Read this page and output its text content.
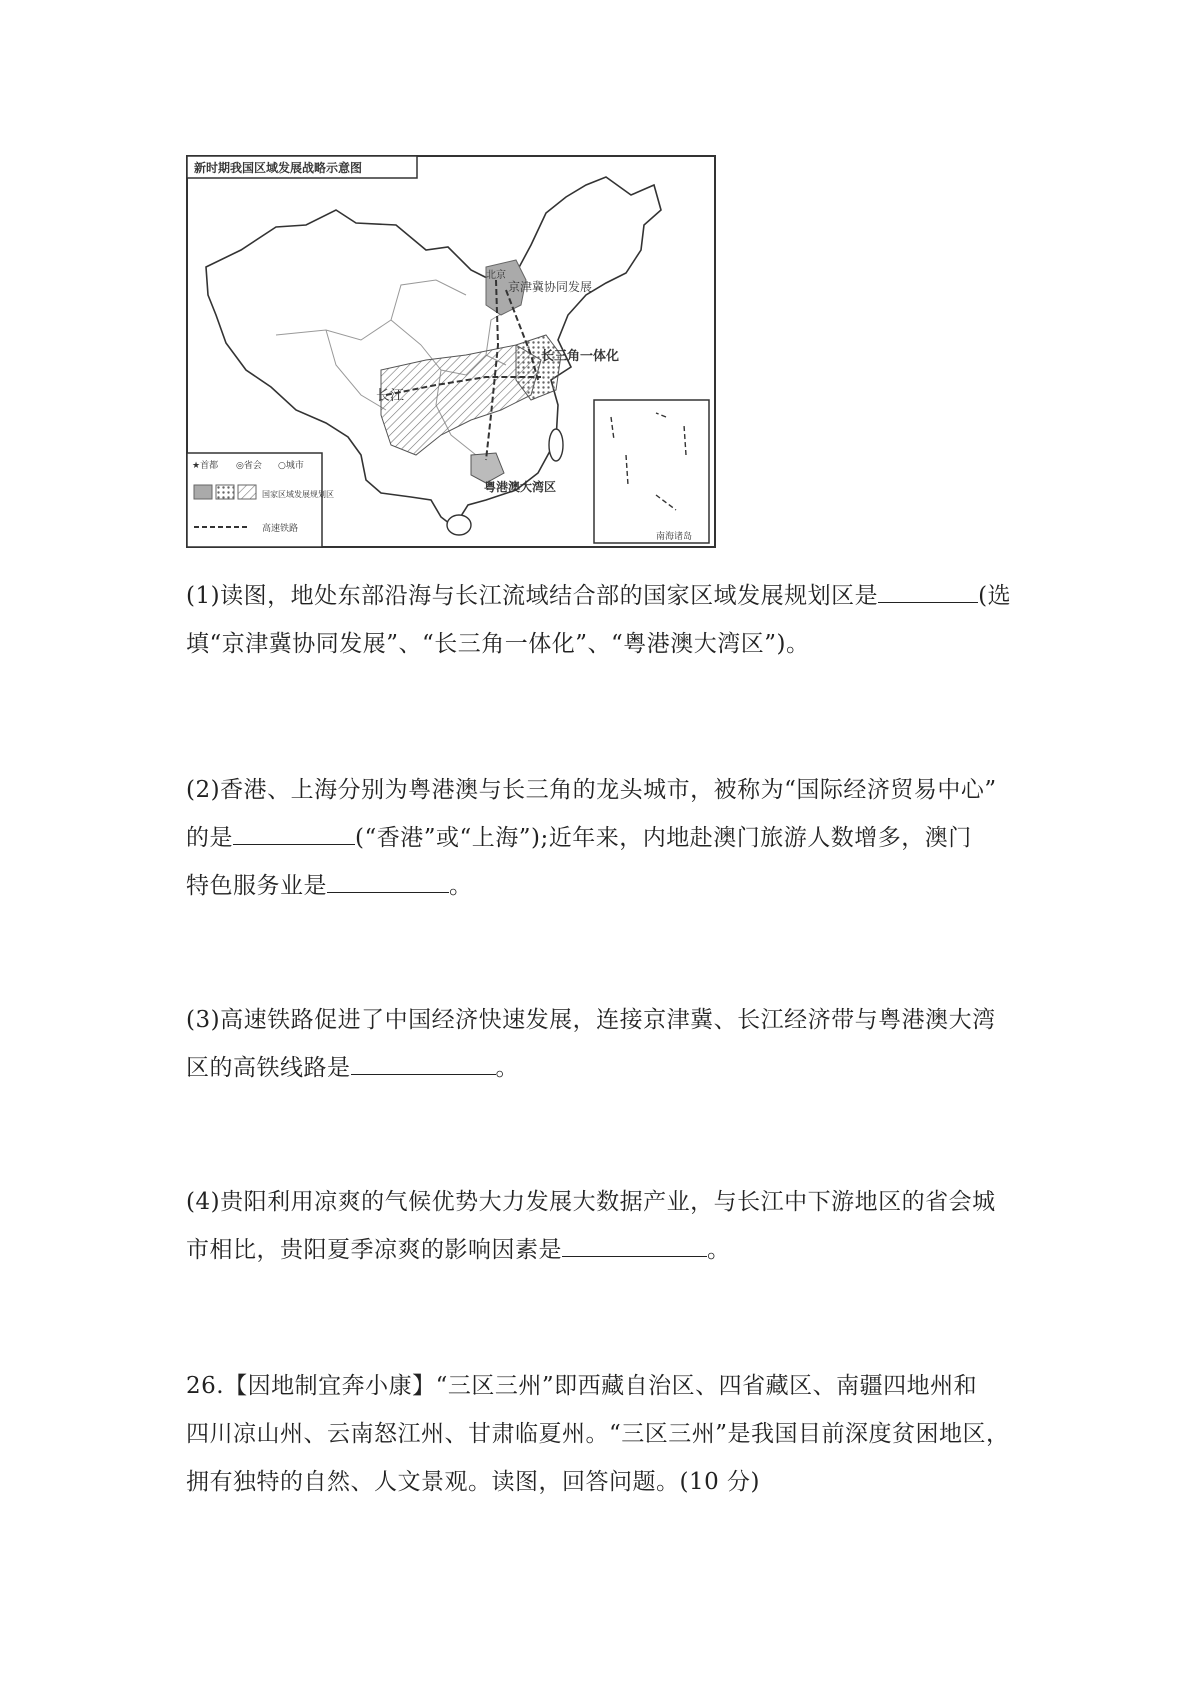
新时期我国区域发展战略示意图
北京
京津冀协同发展
长三角一体化
长江
粤港澳大湾区
南海诸岛
★首都 ◎省会 ○城市
国家区域发展规划区
高速铁路

(1)读图，地处东部沿海与长江流域结合部的国家区域发展规划区是	(选填“京津冀协同发展”、“长三角一体化”、“粤港澳大湾区”)。

(2)香港、上海分别为粤港澳与长三角的龙头城市，被称为“国际经济贸易中心”
的是	(“香港”或“上海”);近年来，内地赴澳门旅游人数增多，澳门
特色服务业是	。

(3)高速铁路促进了中国经济快速发展，连接京津冀、长江经济带与粤港澳大湾
区的高铁线路是	。

(4)贵阳利用凉爽的气候优势大力发展大数据产业，与长江中下游地区的省会城
市相比，贵阳夏季凉爽的影响因素是	。

26.【因地制宜奔小康】“三区三州”即西藏自治区、四省藏区、南疆四地州和
四川凉山州、云南怒江州、甘肃临夏州。“三区三州”是我国目前深度贫困地区，
拥有独特的自然、人文景观。读图，回答问题。(10 分)
